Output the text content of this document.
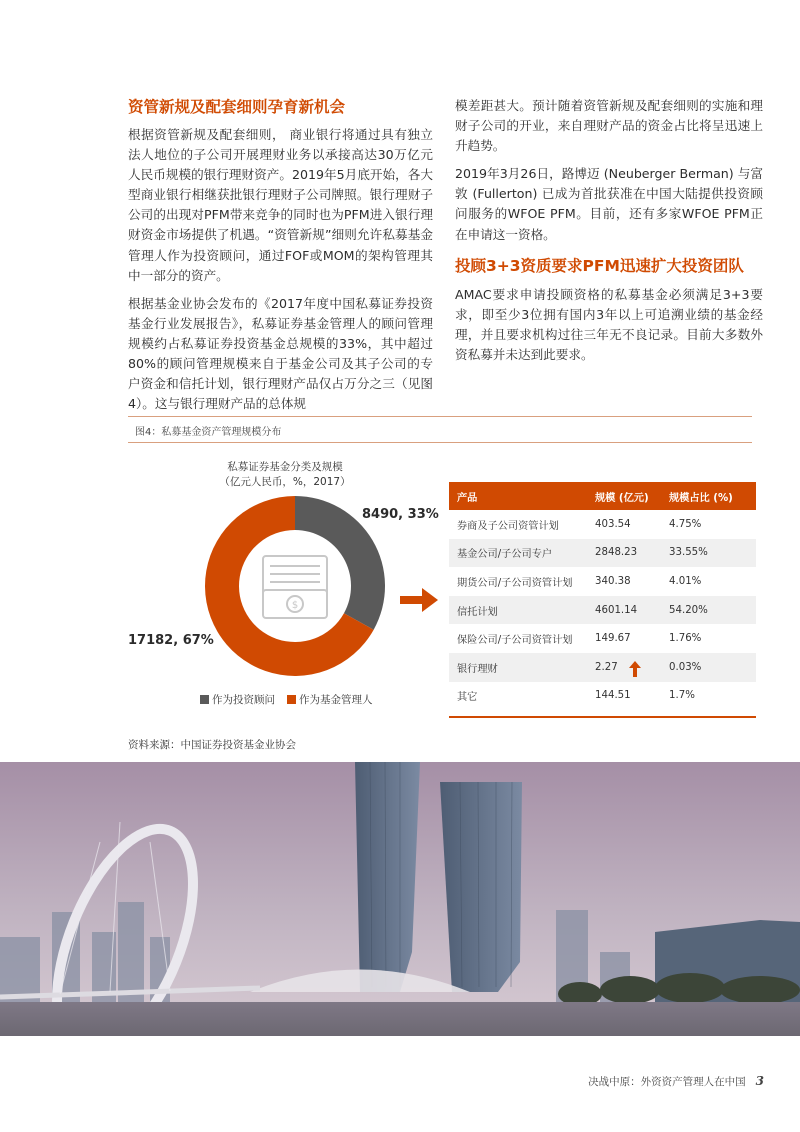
资管新规及配套细则孕育新机会

根据资管新规及配套细则， 商业银行将通过具有独立法人地位的子公司开展理财业务以承接高达30万亿元人民币规模的银行理财资产。2019年5月底开始，各大型商业银行相继获批银行理财子公司牌照。银行理财子公司的出现对PFM带来竞争的同时也为PFM进入银行理财资金市场提供了机遇。“资管新规”细则允许私募基金管理人作为投资顾问，通过FOF或MOM的架构管理其中一部分的资产。

根据基金业协会发布的《2017年度中国私募证券投资基金行业发展报告》，私募证券基金管理人的顾问管理规模约占私募证券投资基金总规模的33%，其中超过80%的顾问管理规模来自于基金公司及其子公司的专户资金和信托计划，银行理财产品仅占万分之三（见图4）。这与银行理财产品的总体规

模差距甚大。预计随着资管新规及配套细则的实施和理财子公司的开业，来自理财产品的资金占比将呈迅速上升趋势。

2019年3月26日，路博迈 (Neuberger Berman) 与富敦 (Fullerton) 已成为首批获准在中国大陆提供投资顾问服务的WFOE PFM。目前，还有多家WFOE PFM正在申请这一资格。

投顾3+3资质要求PFM迅速扩大投资团队

AMAC要求申请投顾资格的私募基金必须满足3+3要求，即至少3位拥有国内3年以上可追溯业绩的基金经理，并且要求机构过往三年无不良记录。目前大多数外资私募并未达到此要求。

图4：私募基金资产管理规模分布
私募证券基金分类及规模
（亿元人民币，%，2017）
$
8490, 33%
17182, 67%
作为投资顾问	作为基金管理人
产品	规模 (亿元)	规模占比 (%)
券商及子公司资管计划	403.54	4.75%
基金公司/子公司专户	2848.23	33.55%
期货公司/子公司资管计划	340.38	4.01%
信托计划	4601.14	54.20%
保险公司/子公司资管计划	149.67	1.76%
银行理财	2.27	0.03%
其它	144.51	1.7%
资料来源：中国证券投资基金业协会
决战中原：外资资产管理人在中国 3
